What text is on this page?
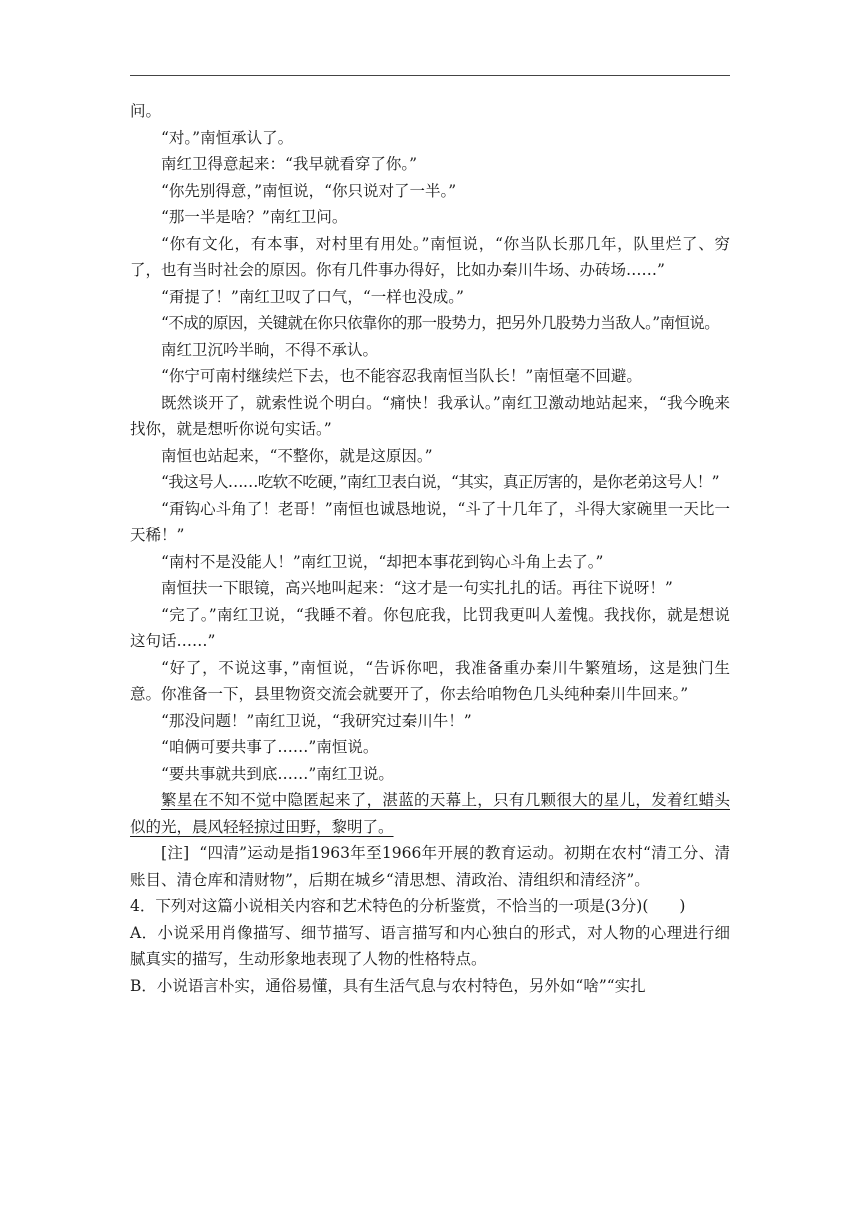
问。

“对。”南恒承认了。

南红卫得意起来：“我早就看穿了你。”

“你先别得意，”南恒说，“你只说对了一半。”

“那一半是啥？”南红卫问。

“你有文化，有本事，对村里有用处。”南恒说，“你当队长那几年，队里烂了、穷了，也有当时社会的原因。你有几件事办得好，比如办秦川牛场、办砖场……”

“甭提了！”南红卫叹了口气，“一样也没成。”

“不成的原因，关键就在你只依靠你的那一股势力，把另外几股势力当敌人。”南恒说。

南红卫沉吟半晌，不得不承认。

“你宁可南村继续烂下去，也不能容忍我南恒当队长！”南恒毫不回避。

既然谈开了，就索性说个明白。“痛快！我承认。”南红卫激动地站起来，“我今晚来找你，就是想听你说句实话。”

南恒也站起来，“不整你，就是这原因。”

“我这号人……吃软不吃硬，”南红卫表白说，“其实，真正厉害的，是你老弟这号人！”

“甭钩心斗角了！老哥！”南恒也诚恳地说，“斗了十几年了，斗得大家碗里一天比一天稀！”

“南村不是没能人！”南红卫说，“却把本事花到钩心斗角上去了。”

南恒扶一下眼镜，高兴地叫起来：“这才是一句实扎扎的话。再往下说呀！”

“完了。”南红卫说，“我睡不着。你包庇我，比罚我更叫人羞愧。我找你，就是想说这句话……”

“好了，不说这事，”南恒说，“告诉你吧，我准备重办秦川牛繁殖场，这是独门生意。你准备一下，县里物资交流会就要开了，你去给咱物色几头纯种秦川牛回来。”

“那没问题！”南红卫说，“我研究过秦川牛！”

“咱俩可要共事了……”南恒说。

“要共事就共到底……”南红卫说。

繁星在不知不觉中隐匿起来了，湛蓝的天幕上，只有几颗很大的星儿，发着红蜡头似的光，晨风轻轻掠过田野，黎明了。

[注] “四清”运动是指1963年至1966年开展的教育运动。初期在农村“清工分、清账目、清仓库和清财物”，后期在城乡“清思想、清政治、清组织和清经济”。

4．下列对这篇小说相关内容和艺术特色的分析鉴赏，不恰当的一项是(3分)(　　)

A．小说采用肖像描写、细节描写、语言描写和内心独白的形式，对人物的心理进行细腻真实的描写，生动形象地表现了人物的性格特点。

B．小说语言朴实，通俗易懂，具有生活气息与农村特色，另外如“啥”“实扎
